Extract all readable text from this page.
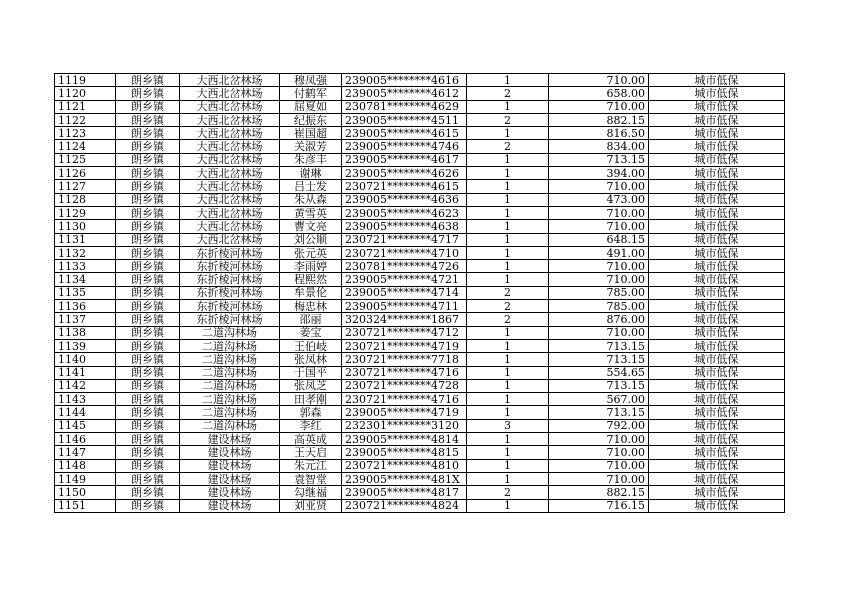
1119	朗乡镇	大西北岔林场	穆凤强	239005********4616	1	710.00	城市低保
1120	朗乡镇	大西北岔林场	付鹤军	239005********4612	2	658.00	城市低保
1121	朗乡镇	大西北岔林场	屈夏如	230781********4629	1	710.00	城市低保
1122	朗乡镇	大西北岔林场	纪振东	239005********4511	2	882.15	城市低保
1123	朗乡镇	大西北岔林场	崔国超	239005********4615	1	816.50	城市低保
1124	朗乡镇	大西北岔林场	关淑芳	239005********4746	2	834.00	城市低保
1125	朗乡镇	大西北岔林场	朱彦丰	239005********4617	1	713.15	城市低保
1126	朗乡镇	大西北岔林场	谢琳	239005********4626	1	394.00	城市低保
1127	朗乡镇	大西北岔林场	吕士发	230721********4615	1	710.00	城市低保
1128	朗乡镇	大西北岔林场	朱从森	239005********4636	1	473.00	城市低保
1129	朗乡镇	大西北岔林场	黄雪英	239005********4623	1	710.00	城市低保
1130	朗乡镇	大西北岔林场	曹文亮	239005********4638	1	710.00	城市低保
1131	朗乡镇	大西北岔林场	刘公顺	230721********4717	1	648.15	城市低保
1132	朗乡镇	东折棱河林场	张元英	230721********4710	1	491.00	城市低保
1133	朗乡镇	东折棱河林场	李雨婷	230781********4726	1	710.00	城市低保
1134	朗乡镇	东折棱河林场	程熙然	239005********4721	1	710.00	城市低保
1135	朗乡镇	东折棱河林场	牟景伦	239005********4714	2	785.00	城市低保
1136	朗乡镇	东折棱河林场	梅忠林	239005********4711	2	785.00	城市低保
1137	朗乡镇	东折棱河林场	邵丽	320324********1867	2	876.00	城市低保
1138	朗乡镇	二道沟林场	姜宝	230721********4712	1	710.00	城市低保
1139	朗乡镇	二道沟林场	王伯岐	230721********4719	1	713.15	城市低保
1140	朗乡镇	二道沟林场	张凤林	230721********7718	1	713.15	城市低保
1141	朗乡镇	二道沟林场	于国平	230721********4716	1	554.65	城市低保
1142	朗乡镇	二道沟林场	张凤芝	230721********4728	1	713.15	城市低保
1143	朗乡镇	二道沟林场	田孝刚	230721********4716	1	567.00	城市低保
1144	朗乡镇	二道沟林场	郭森	239005********4719	1	713.15	城市低保
1145	朗乡镇	二道沟林场	李红	232301********3120	3	792.00	城市低保
1146	朗乡镇	建设林场	高英成	239005********4814	1	710.00	城市低保
1147	朗乡镇	建设林场	王天启	239005********4815	1	710.00	城市低保
1148	朗乡镇	建设林场	朱元江	230721********4810	1	710.00	城市低保
1149	朗乡镇	建设林场	袁智堂	239005********481X	1	710.00	城市低保
1150	朗乡镇	建设林场	勾继福	239005********4817	2	882.15	城市低保
1151	朗乡镇	建设林场	刘亚贤	230721********4824	1	716.15	城市低保
